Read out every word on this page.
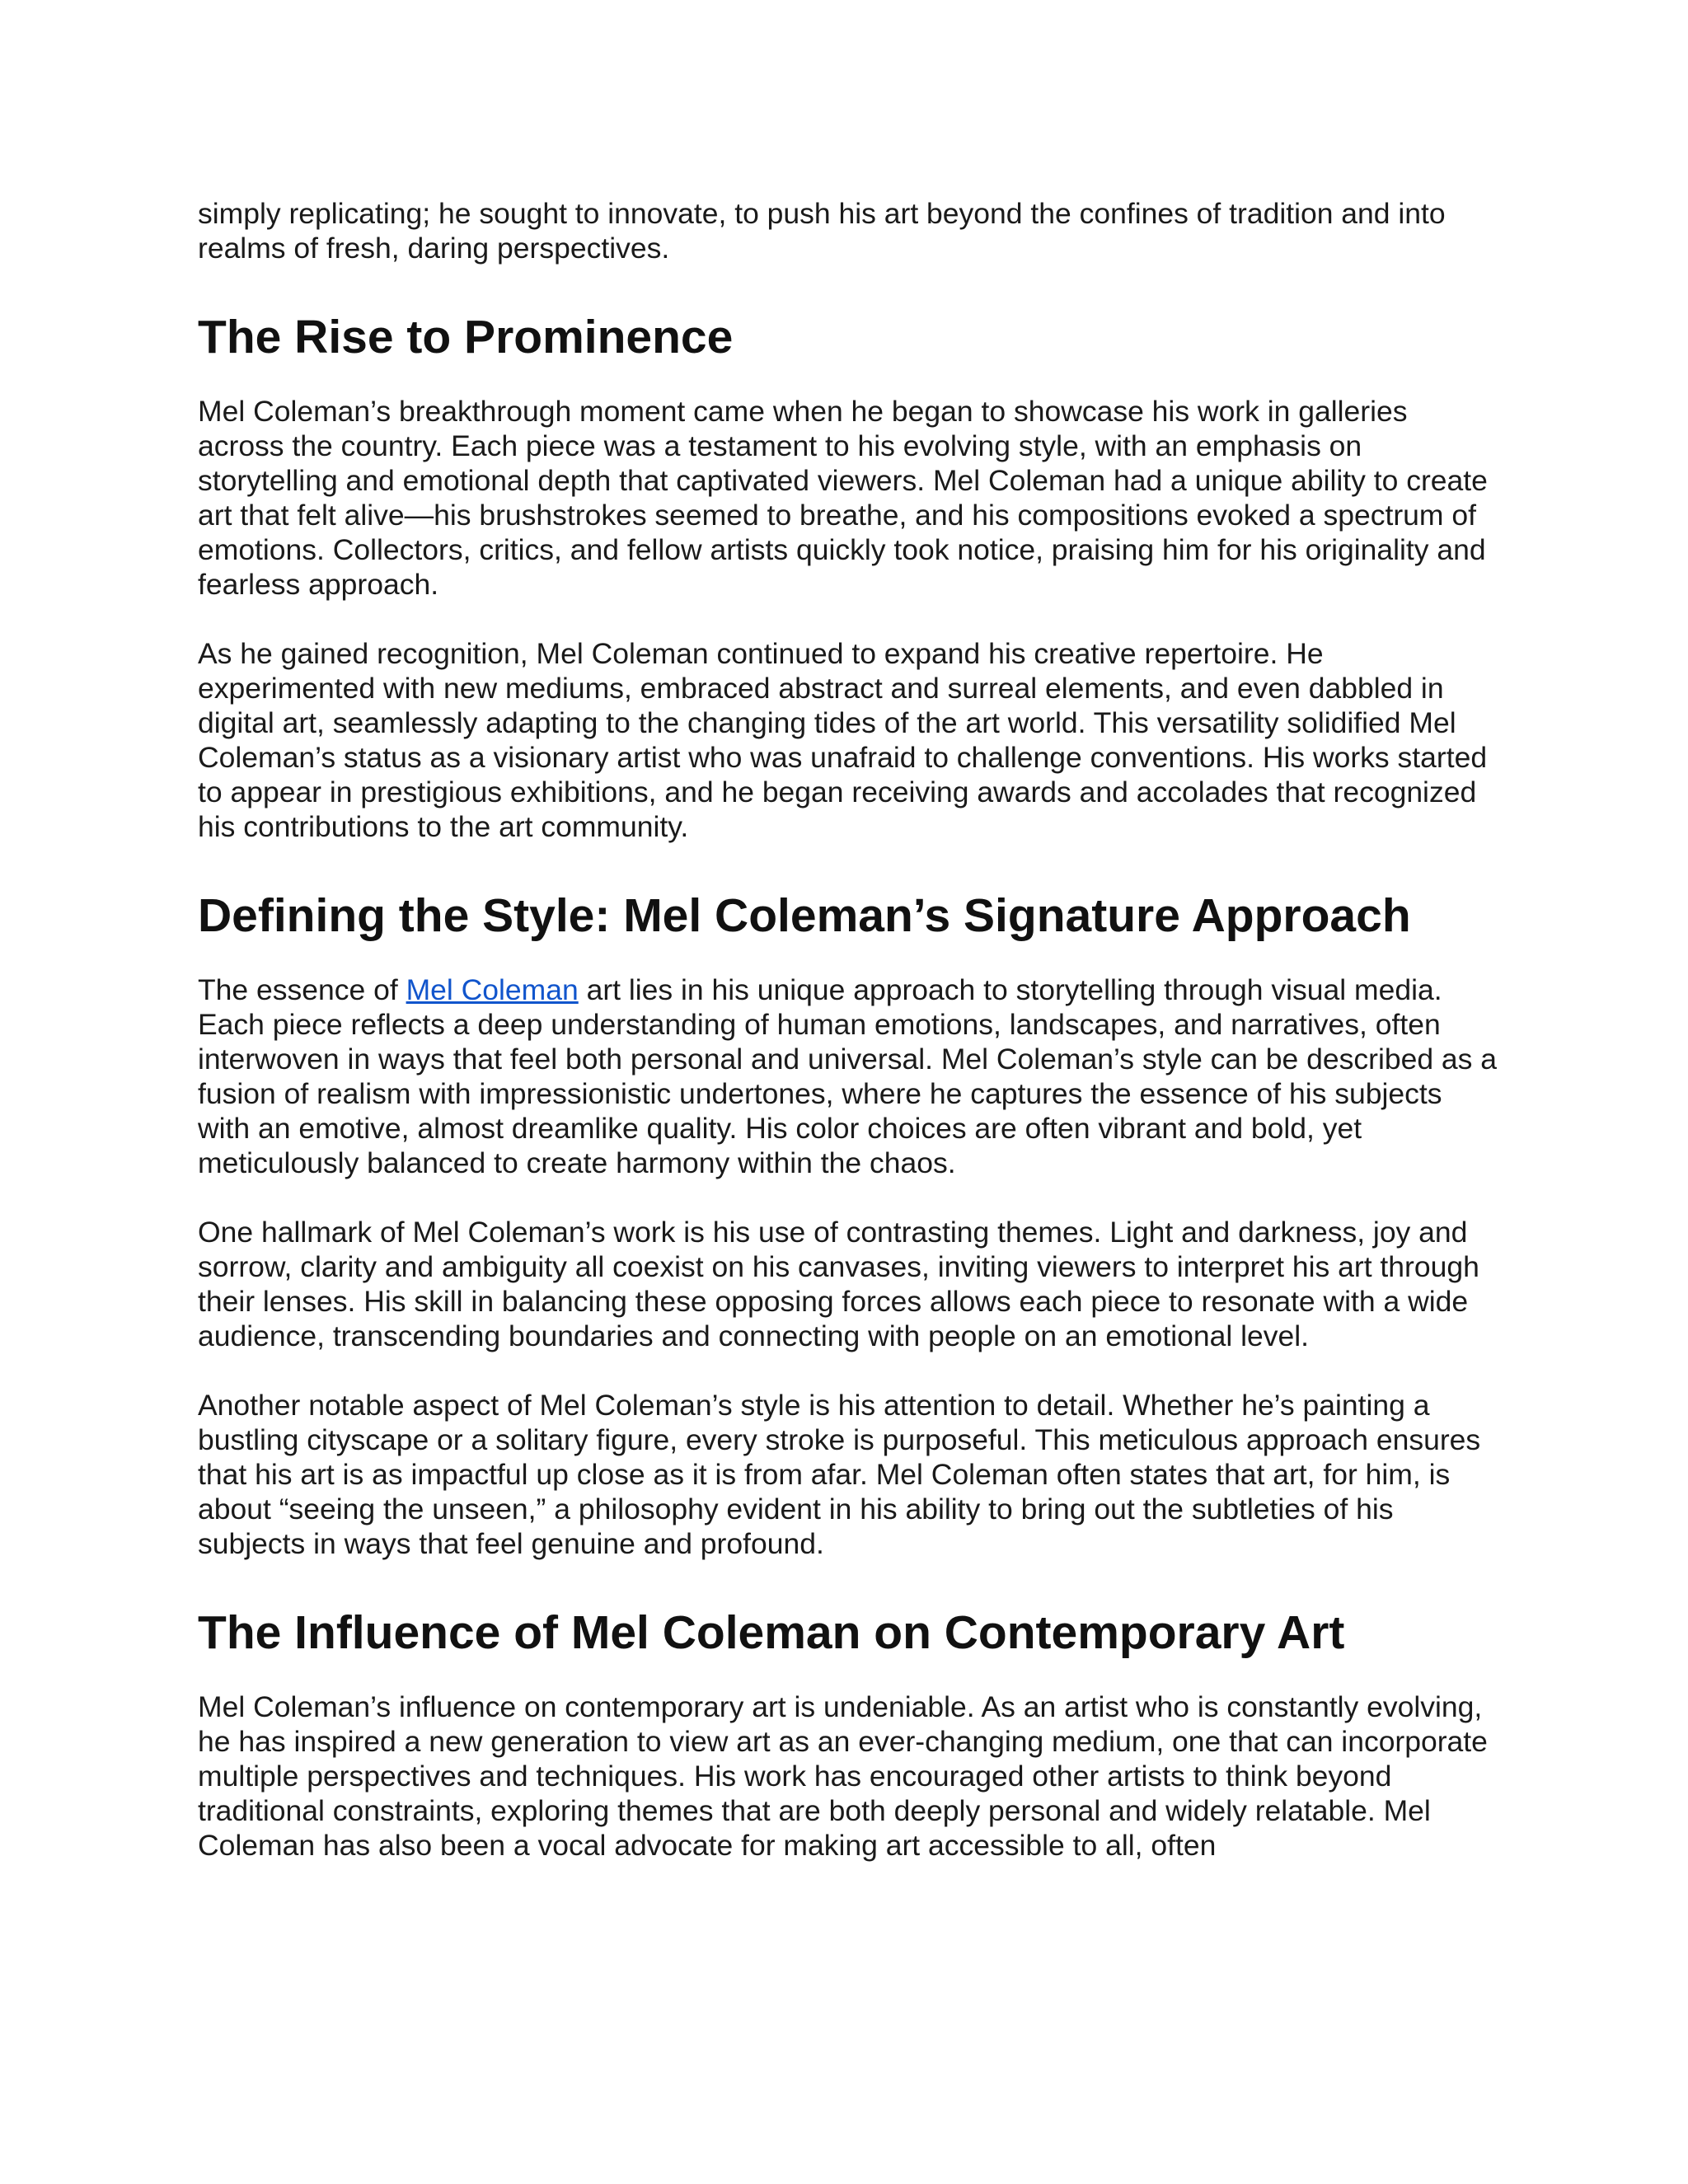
simply replicating; he sought to innovate, to push his art beyond the confines of tradition and into realms of fresh, daring perspectives.

The Rise to Prominence

Mel Coleman’s breakthrough moment came when he began to showcase his work in galleries across the country. Each piece was a testament to his evolving style, with an emphasis on storytelling and emotional depth that captivated viewers. Mel Coleman had a unique ability to create art that felt alive—his brushstrokes seemed to breathe, and his compositions evoked a spectrum of emotions. Collectors, critics, and fellow artists quickly took notice, praising him for his originality and fearless approach.

As he gained recognition, Mel Coleman continued to expand his creative repertoire. He experimented with new mediums, embraced abstract and surreal elements, and even dabbled in digital art, seamlessly adapting to the changing tides of the art world. This versatility solidified Mel Coleman’s status as a visionary artist who was unafraid to challenge conventions. His works started to appear in prestigious exhibitions, and he began receiving awards and accolades that recognized his contributions to the art community.

Defining the Style: Mel Coleman’s Signature Approach

The essence of Mel Coleman art lies in his unique approach to storytelling through visual media. Each piece reflects a deep understanding of human emotions, landscapes, and narratives, often interwoven in ways that feel both personal and universal. Mel Coleman’s style can be described as a fusion of realism with impressionistic undertones, where he captures the essence of his subjects with an emotive, almost dreamlike quality. His color choices are often vibrant and bold, yet meticulously balanced to create harmony within the chaos.

One hallmark of Mel Coleman’s work is his use of contrasting themes. Light and darkness, joy and sorrow, clarity and ambiguity all coexist on his canvases, inviting viewers to interpret his art through their lenses. His skill in balancing these opposing forces allows each piece to resonate with a wide audience, transcending boundaries and connecting with people on an emotional level.

Another notable aspect of Mel Coleman’s style is his attention to detail. Whether he’s painting a bustling cityscape or a solitary figure, every stroke is purposeful. This meticulous approach ensures that his art is as impactful up close as it is from afar. Mel Coleman often states that art, for him, is about “seeing the unseen,” a philosophy evident in his ability to bring out the subtleties of his subjects in ways that feel genuine and profound.

The Influence of Mel Coleman on Contemporary Art

Mel Coleman’s influence on contemporary art is undeniable. As an artist who is constantly evolving, he has inspired a new generation to view art as an ever-changing medium, one that can incorporate multiple perspectives and techniques. His work has encouraged other artists to think beyond traditional constraints, exploring themes that are both deeply personal and widely relatable. Mel Coleman has also been a vocal advocate for making art accessible to all, often
